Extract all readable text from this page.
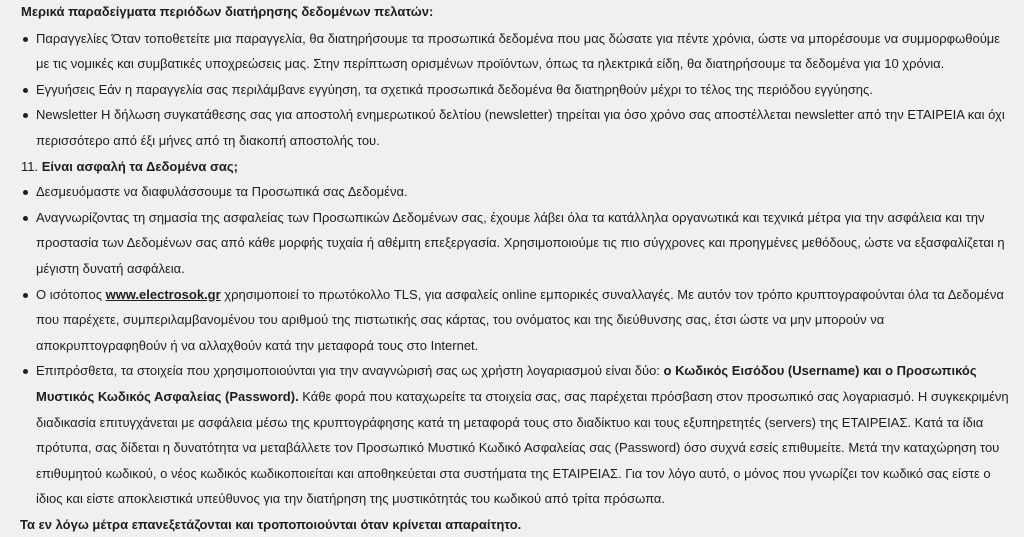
Μερικά παραδείγματα περιόδων διατήρησης δεδομένων πελατών:

Παραγγελίες Όταν τοποθετείτε μια παραγγελία, θα διατηρήσουμε τα προσωπικά δεδομένα που μας δώσατε για πέντε χρόνια, ώστε να μπορέσουμε να συμμορφωθούμε με τις νομικές και συμβατικές υποχρεώσεις μας. Στην περίπτωση ορισμένων προϊόντων, όπως τα ηλεκτρικά είδη, θα διατηρήσουμε τα δεδομένα για 10 χρόνια.
Εγγυήσεις Εάν η παραγγελία σας περιλάμβανε εγγύηση, τα σχετικά προσωπικά δεδομένα θα διατηρηθούν μέχρι το τέλος της περιόδου εγγύησης.
Newsletter Η δήλωση συγκατάθεσης σας για αποστολή ενημερωτικού δελτίου (newsletter) τηρείται για όσο χρόνο σας αποστέλλεται newsletter από την ΕΤΑΙΡΕΙΑ και όχι περισσότερο από έξι μήνες από τη διακοπή αποστολής του.

11. Είναι ασφαλή τα Δεδομένα σας;

Δεσμευόμαστε να διαφυλάσσουμε τα Προσωπικά σας Δεδομένα.
Αναγνωρίζοντας τη σημασία της ασφαλείας των Προσωπικών Δεδομένων σας, έχουμε λάβει όλα τα κατάλληλα οργανωτικά και τεχνικά μέτρα για την ασφάλεια και την προστασία των Δεδομένων σας από κάθε μορφής τυχαία ή αθέμιτη επεξεργασία. Χρησιμοποιούμε τις πιο σύγχρονες και προηγμένες μεθόδους, ώστε να εξασφαλίζεται η μέγιστη δυνατή ασφάλεια.
Ο ισότοπος www.electrosok.gr χρησιμοποιεί το πρωτόκολλο TLS, για ασφαλείς online εμπορικές συναλλαγές. Με αυτόν τον τρόπο κρυπτογραφούνται όλα τα Δεδομένα που παρέχετε, συμπεριλαμβανομένου του αριθμού της πιστωτικής σας κάρτας, του ονόματος και της διεύθυνσης σας, έτσι ώστε να μην μπορούν να αποκρυπτογραφηθούν ή να αλλαχθούν κατά την μεταφορά τους στο Internet.
Επιπρόσθετα, τα στοιχεία που χρησιμοποιούνται για την αναγνώρισή σας ως χρήστη λογαριασμού είναι δύο: ο Κωδικός Εισόδου (Username) και ο Προσωπικός Μυστικός Κωδικός Ασφαλείας (Password). Κάθε φορά που καταχωρείτε τα στοιχεία σας, σας παρέχεται πρόσβαση στον προσωπικό σας λογαριασμό. Η συγκεκριμένη διαδικασία επιτυγχάνεται με ασφάλεια μέσω της κρυπτογράφησης κατά τη μεταφορά τους στο διαδίκτυο και τους εξυπηρετητές (servers) της ΕΤΑΙΡΕΙΑΣ. Κατά τα ίδια πρότυπα, σας δίδεται η δυνατότητα να μεταβάλλετε τον Προσωπικό Μυστικό Κωδικό Ασφαλείας σας (Password) όσο συχνά εσείς επιθυμείτε. Μετά την καταχώρηση του επιθυμητού κωδικού, ο νέος κωδικός κωδικοποιείται και αποθηκεύεται στα συστήματα της ΕΤΑΙΡΕΙΑΣ. Για τον λόγο αυτό, ο μόνος που γνωρίζει τον κωδικό σας είστε ο ίδιος και είστε αποκλειστικά υπεύθυνος για την διατήρηση της μυστικότητάς του κωδικού από τρίτα πρόσωπα.

Τα εν λόγω μέτρα επανεξετάζονται και τροποποιούνται όταν κρίνεται απαραίτητο.
